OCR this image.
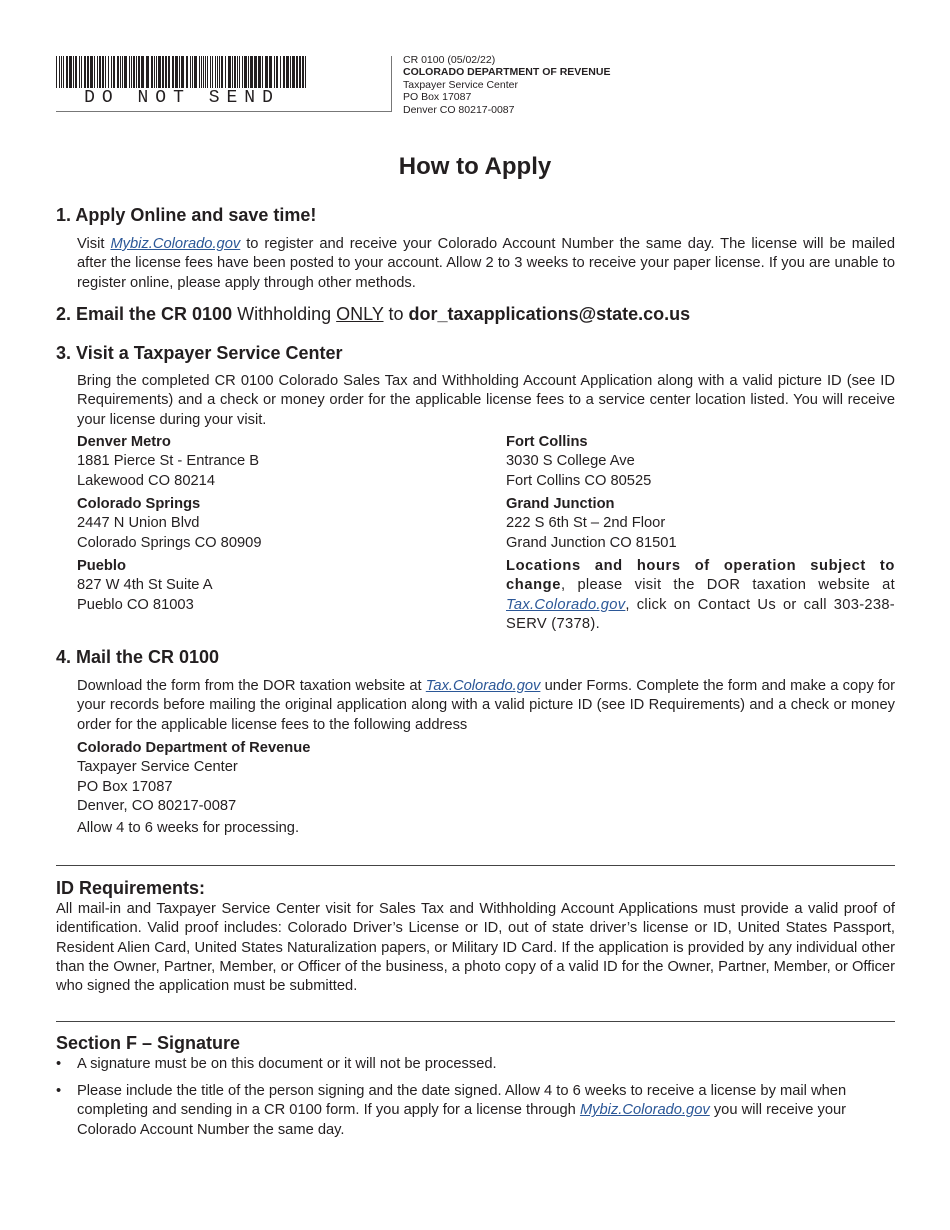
DO NOT SEND
CR 0100 (05/02/22)
COLORADO DEPARTMENT OF REVENUE
Taxpayer Service Center
PO Box 17087
Denver CO 80217-0087
How to Apply
1. Apply Online and save time!
Visit Mybiz.Colorado.gov to register and receive your Colorado Account Number the same day. The license will be mailed after the license fees have been posted to your account. Allow 2 to 3 weeks to receive your paper license. If you are unable to register online, please apply through other methods.
2. Email the CR 0100 Withholding ONLY to dor_taxapplications@state.co.us
3. Visit a Taxpayer Service Center
Bring the completed CR 0100 Colorado Sales Tax and Withholding Account Application along with a valid picture ID (see ID Requirements) and a check or money order for the applicable license fees to a service center location listed. You will receive your license during your visit.
Denver Metro
1881 Pierce St - Entrance B
Lakewood CO 80214
Colorado Springs
2447 N Union Blvd
Colorado Springs CO 80909
Pueblo
827 W 4th St Suite A
Pueblo CO 81003
Fort Collins
3030 S College Ave
Fort Collins CO 80525
Grand Junction
222 S 6th St – 2nd Floor
Grand Junction CO 81501
Locations and hours of operation subject to change, please visit the DOR taxation website at Tax.Colorado.gov, click on Contact Us or call 303-238-SERV (7378).
4. Mail the CR 0100
Download the form from the DOR taxation website at Tax.Colorado.gov under Forms. Complete the form and make a copy for your records before mailing the original application along with a valid picture ID (see ID Requirements) and a check or money order for the applicable license fees to the following address
Colorado Department of Revenue
Taxpayer Service Center
PO Box 17087
Denver, CO 80217-0087
Allow 4 to 6 weeks for processing.
ID Requirements:
All mail-in and Taxpayer Service Center visit for Sales Tax and Withholding Account Applications must provide a valid proof of identification. Valid proof includes: Colorado Driver’s License or ID, out of state driver’s license or ID, United States Passport, Resident Alien Card, United States Naturalization papers, or Military ID Card. If the application is provided by any individual other than the Owner, Partner, Member, or Officer of the business, a photo copy of a valid ID for the Owner, Partner, Member, or Officer who signed the application must be submitted.
Section F – Signature
• A signature must be on this document or it will not be processed.
• Please include the title of the person signing and the date signed. Allow 4 to 6 weeks to receive a license by mail when completing and sending in a CR 0100 form. If you apply for a license through Mybiz.Colorado.gov you will receive your Colorado Account Number the same day.
